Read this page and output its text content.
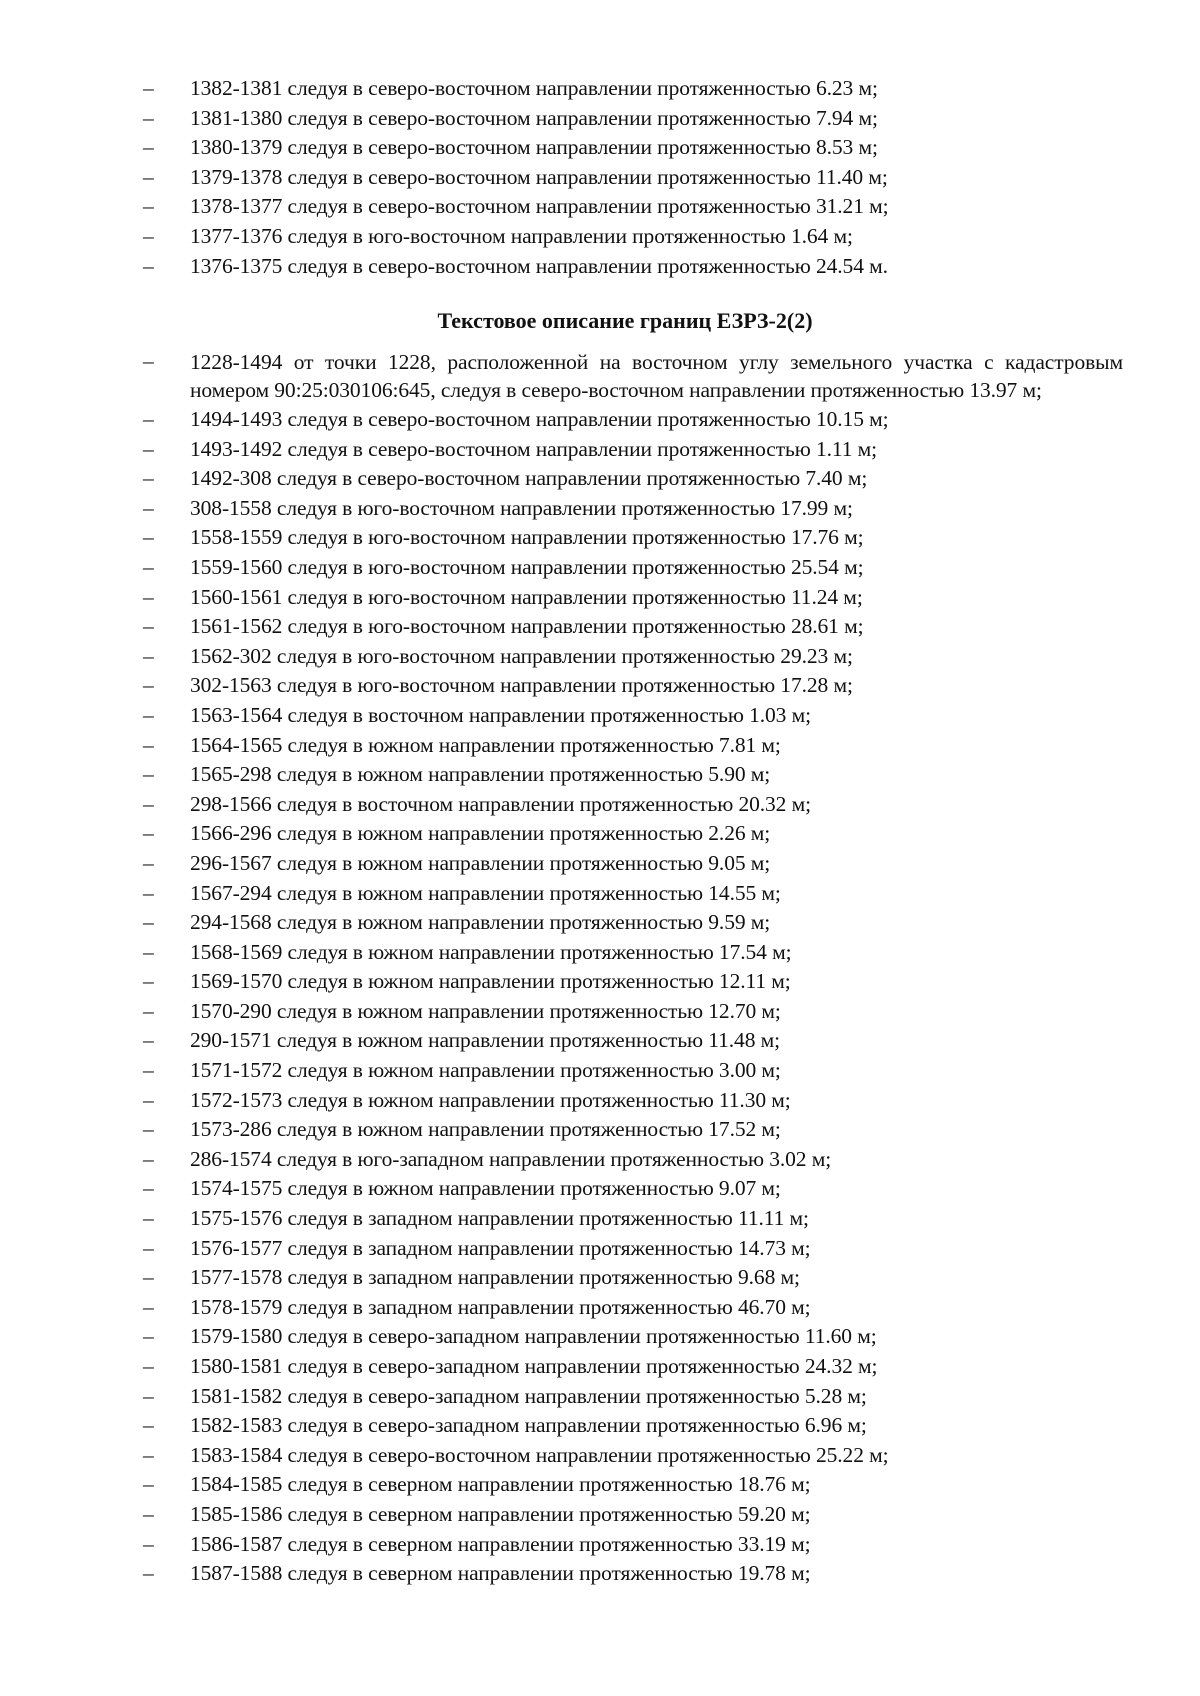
– 1382-1381 следуя в северо-восточном направлении протяженностью 6.23 м;
– 1381-1380 следуя в северо-восточном направлении протяженностью 7.94 м;
– 1380-1379 следуя в северо-восточном направлении протяженностью 8.53 м;
– 1379-1378 следуя в северо-восточном направлении протяженностью 11.40 м;
– 1378-1377 следуя в северо-восточном направлении протяженностью 31.21 м;
– 1377-1376 следуя в юго-восточном направлении протяженностью 1.64 м;
– 1376-1375 следуя в северо-восточном направлении протяженностью 24.54 м.
Текстовое описание границ ЕЗРЗ-2(2)
– 1228-1494 от точки 1228, расположенной на восточном углу земельного участка с кадастровым номером 90:25:030106:645, следуя в северо-восточном направлении протяженностью 13.97 м;
– 1494-1493 следуя в северо-восточном направлении протяженностью 10.15 м;
– 1493-1492 следуя в северо-восточном направлении протяженностью 1.11 м;
– 1492-308 следуя в северо-восточном направлении протяженностью 7.40 м;
– 308-1558 следуя в юго-восточном направлении протяженностью 17.99 м;
– 1558-1559 следуя в юго-восточном направлении протяженностью 17.76 м;
– 1559-1560 следуя в юго-восточном направлении протяженностью 25.54 м;
– 1560-1561 следуя в юго-восточном направлении протяженностью 11.24 м;
– 1561-1562 следуя в юго-восточном направлении протяженностью 28.61 м;
– 1562-302 следуя в юго-восточном направлении протяженностью 29.23 м;
– 302-1563 следуя в юго-восточном направлении протяженностью 17.28 м;
– 1563-1564 следуя в восточном направлении протяженностью 1.03 м;
– 1564-1565 следуя в южном направлении протяженностью 7.81 м;
– 1565-298 следуя в южном направлении протяженностью 5.90 м;
– 298-1566 следуя в восточном направлении протяженностью 20.32 м;
– 1566-296 следуя в южном направлении протяженностью 2.26 м;
– 296-1567 следуя в южном направлении протяженностью 9.05 м;
– 1567-294 следуя в южном направлении протяженностью 14.55 м;
– 294-1568 следуя в южном направлении протяженностью 9.59 м;
– 1568-1569 следуя в южном направлении протяженностью 17.54 м;
– 1569-1570 следуя в южном направлении протяженностью 12.11 м;
– 1570-290 следуя в южном направлении протяженностью 12.70 м;
– 290-1571 следуя в южном направлении протяженностью 11.48 м;
– 1571-1572 следуя в южном направлении протяженностью 3.00 м;
– 1572-1573 следуя в южном направлении протяженностью 11.30 м;
– 1573-286 следуя в южном направлении протяженностью 17.52 м;
– 286-1574 следуя в юго-западном направлении протяженностью 3.02 м;
– 1574-1575 следуя в южном направлении протяженностью 9.07 м;
– 1575-1576 следуя в западном направлении протяженностью 11.11 м;
– 1576-1577 следуя в западном направлении протяженностью 14.73 м;
– 1577-1578 следуя в западном направлении протяженностью 9.68 м;
– 1578-1579 следуя в западном направлении протяженностью 46.70 м;
– 1579-1580 следуя в северо-западном направлении протяженностью 11.60 м;
– 1580-1581 следуя в северо-западном направлении протяженностью 24.32 м;
– 1581-1582 следуя в северо-западном направлении протяженностью 5.28 м;
– 1582-1583 следуя в северо-западном направлении протяженностью 6.96 м;
– 1583-1584 следуя в северо-восточном направлении протяженностью 25.22 м;
– 1584-1585 следуя в северном направлении протяженностью 18.76 м;
– 1585-1586 следуя в северном направлении протяженностью 59.20 м;
– 1586-1587 следуя в северном направлении протяженностью 33.19 м;
– 1587-1588 следуя в северном направлении протяженностью 19.78 м;
